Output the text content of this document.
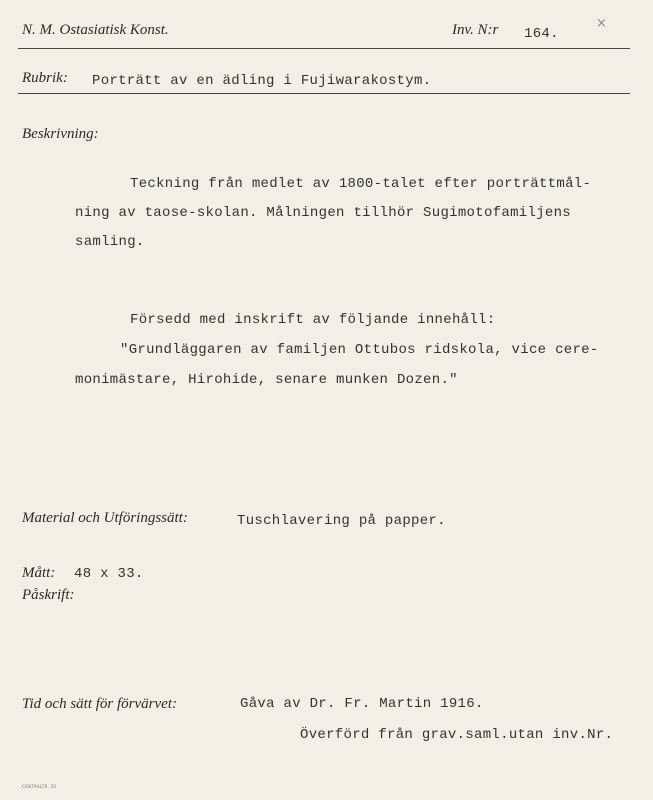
N. M. Ostasiatisk Konst.	Inv. N:r 164.
×
Rubrik: Porträtt av en ädling i Fujiwarakostym.
Beskrivning:
Teckning från medlet av 1800-talet efter porträttmål-
ning av taose-skolan. Målningen tillhör Sugimotofamiljens
samling.
Försedd med inskrift av följande innehåll:
"Grundläggaren av familjen Ottubos ridskola, vice cere-
monimästare, Hirohide, senare munken Dozen."
Material och Utföringssätt:	Tuschlavering på papper.
Mått: 48 x 33.
Påskrift:
Tid och sätt för förvärvet:	Gåva av Dr. Fr. Martin 1916.
Överförd från grav.saml.utan inv.Nr.
CENTRALTR. 50
